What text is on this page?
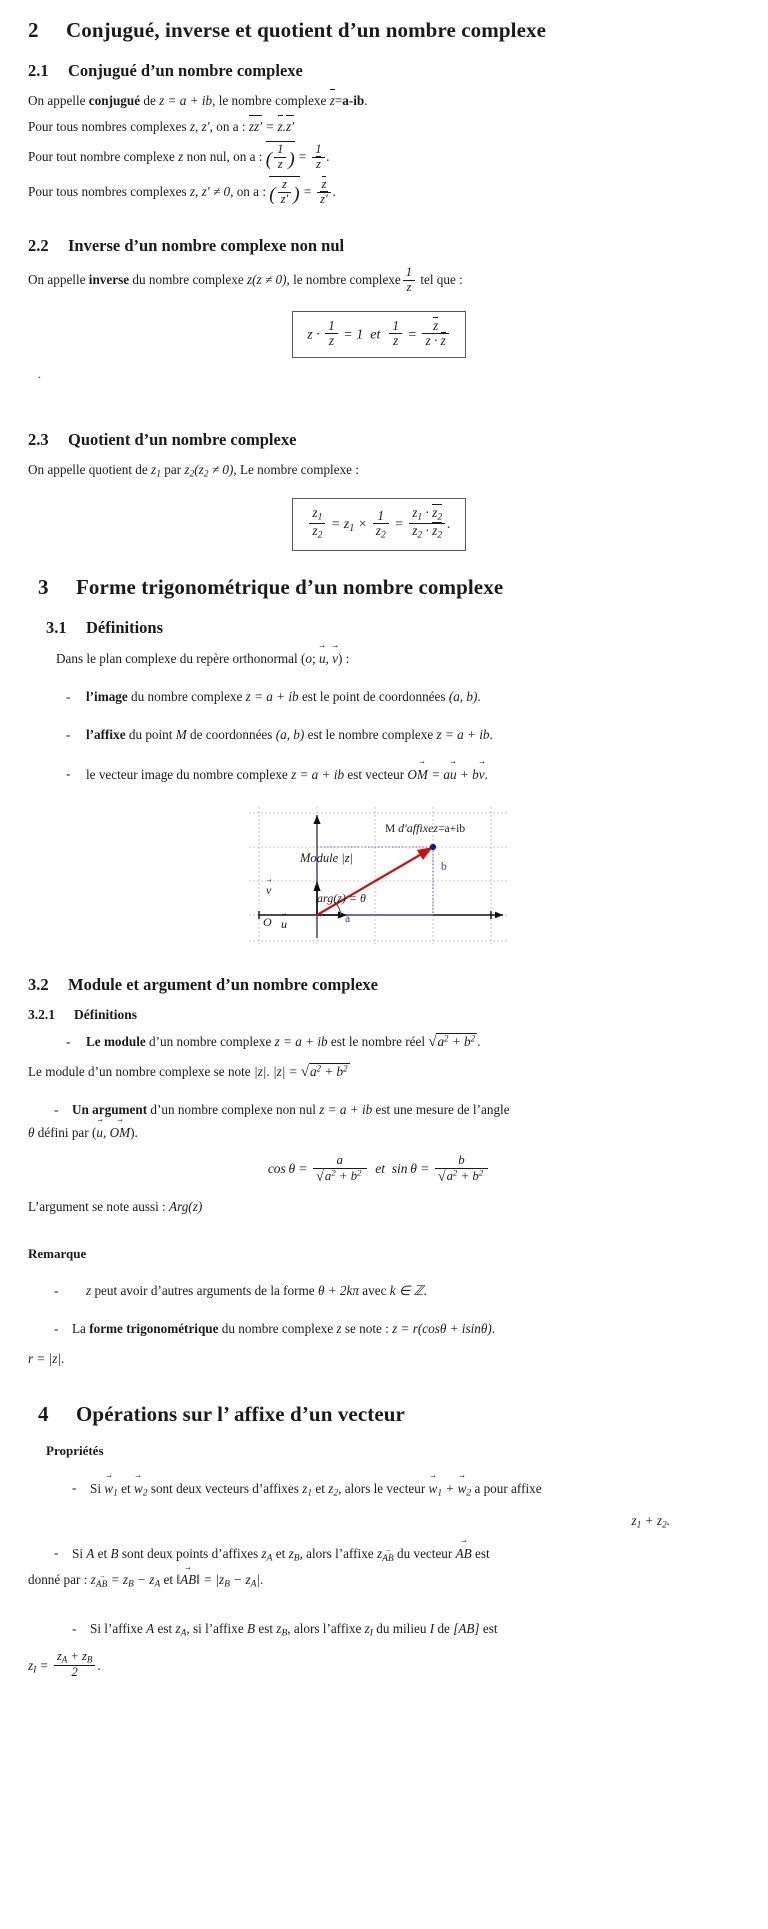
2 Conjugué, inverse et quotient d’un nombre complexe
2.1 Conjugué d’un nombre complexe

On appelle conjugué de z = a + ib, le nombre complexe z=a-ib.

Pour tous nombres complexes z, z′, on a : zz′ = z.z′

Pour tout nombre complexe z non nul, on a : ( $\frac{1}{z}$ ) = $\frac{1}{z}$ .

Pour tous nombres complexes z, z′ ≠ 0, on a : ( $\frac{z}{z'}$ ) = $\frac{z}{z'}$ .

2.2 Inverse d’un nombre complexe non nul

On appelle inverse du nombre complexe z(z ≠ 0), le nombre complexe $\frac{1}{z}$ tel que :

$z \cdot \frac{1}{z} = 1$  et $\frac{1}{z} = \frac{z}{z \cdot z}$

.

2.3 Quotient d’un nombre complexe

On appelle quotient de $z_1$ par $z_2(z_2 \ne 0)$, Le nombre complexe :

$\frac{z_1}{z_2} = z_1 \times \frac{1}{z_2} = \frac{z_1 \cdot z_2}{z_2 \cdot z_2}$ .
3 Forme trigonométrique d’un nombre complexe
3.1 Définitions

Dans le plan complexe du repère orthonormal (o; u →, v →) :

- l’image du nombre complexe z = a + ib est le point de coordonnées (a, b).
- l’affixe du point M de coordonnées (a, b) est le nombre complexe z = a + ib.
- le vecteur image du nombre complexe z = a + ib est vecteur OM → = au → + bv →.
M d′affixez=a+ib
Module |z|
arg(z) = θ
v →
O u →	a
b
3.2 Module et argument d’un nombre complexe
3.2.1 Définitions
- Le module d’un nombre complexe z = a + ib est le nombre réel $√a^2 + b^2$ .

Le module d’un nombre complexe se note |z|. $|z| = √a^2 + b^2$

- Un argument d’un nombre complexe non nul z = a + ib est une mesure de l’angle

θ défini par (u →, OM →).

$\cos \theta = \frac{a}{√a^2 + b^2}$ et  $\sin \theta = \frac{b}{√a^2 + b^2}$

L’argument se note aussi : Arg(z)

Remarque
- z peut avoir d’autres arguments de la forme θ + 2kπ avec k ∈ ℤ.
- La forme trigonométrique du nombre complexe z se note : z = r(cosθ + isinθ).

r = |z|.

4 Opérations sur l’ affixe d’un vecteur
Propriétés
- Si $w \to_1$ et $w \to_2$ sont deux vecteurs d’affixes $z_1$ et $z_2$, alors le vecteur $w \to_1 + w \to_2$ a pour affixe

$z_1 + z_2$.

- Si A et B sont deux points d’affixes $z_A$ et $z_B$, alors l’affixe $z_{AB}$ → du vecteur AB → est

donné par : $z_{AB}$ → = $z_B - z_A$ et ‖AB →‖ = $|z_B - z_A|$.

- Si l’affixe A est $z_A$, si l’affixe B est $z_B$, alors l’affixe $z_I$ du milieu I de [AB] est

$z_I = \frac{z_A + z_B}{2}$ .
